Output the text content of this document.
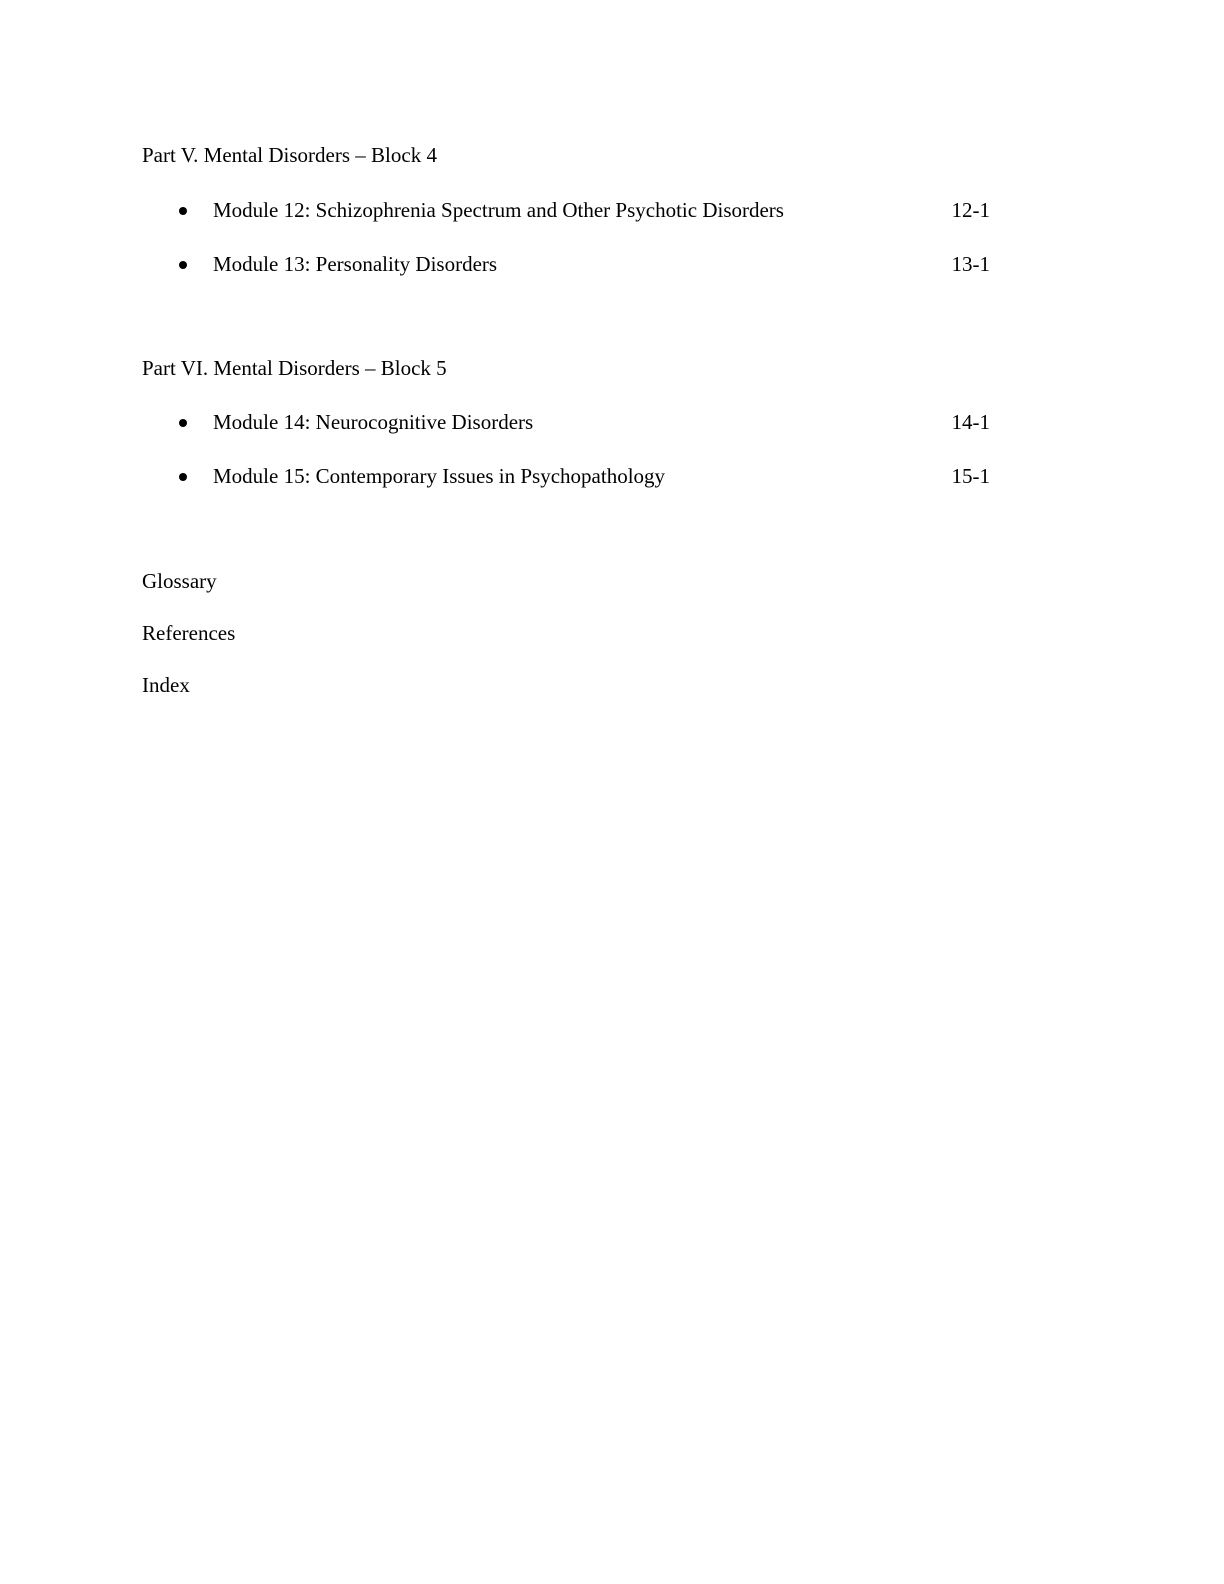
Part V. Mental Disorders – Block 4
Module 12: Schizophrenia Spectrum and Other Psychotic Disorders	12-1
Module 13: Personality Disorders	13-1
Part VI. Mental Disorders – Block 5
Module 14: Neurocognitive Disorders	14-1
Module 15: Contemporary Issues in Psychopathology	15-1
Glossary
References
Index
